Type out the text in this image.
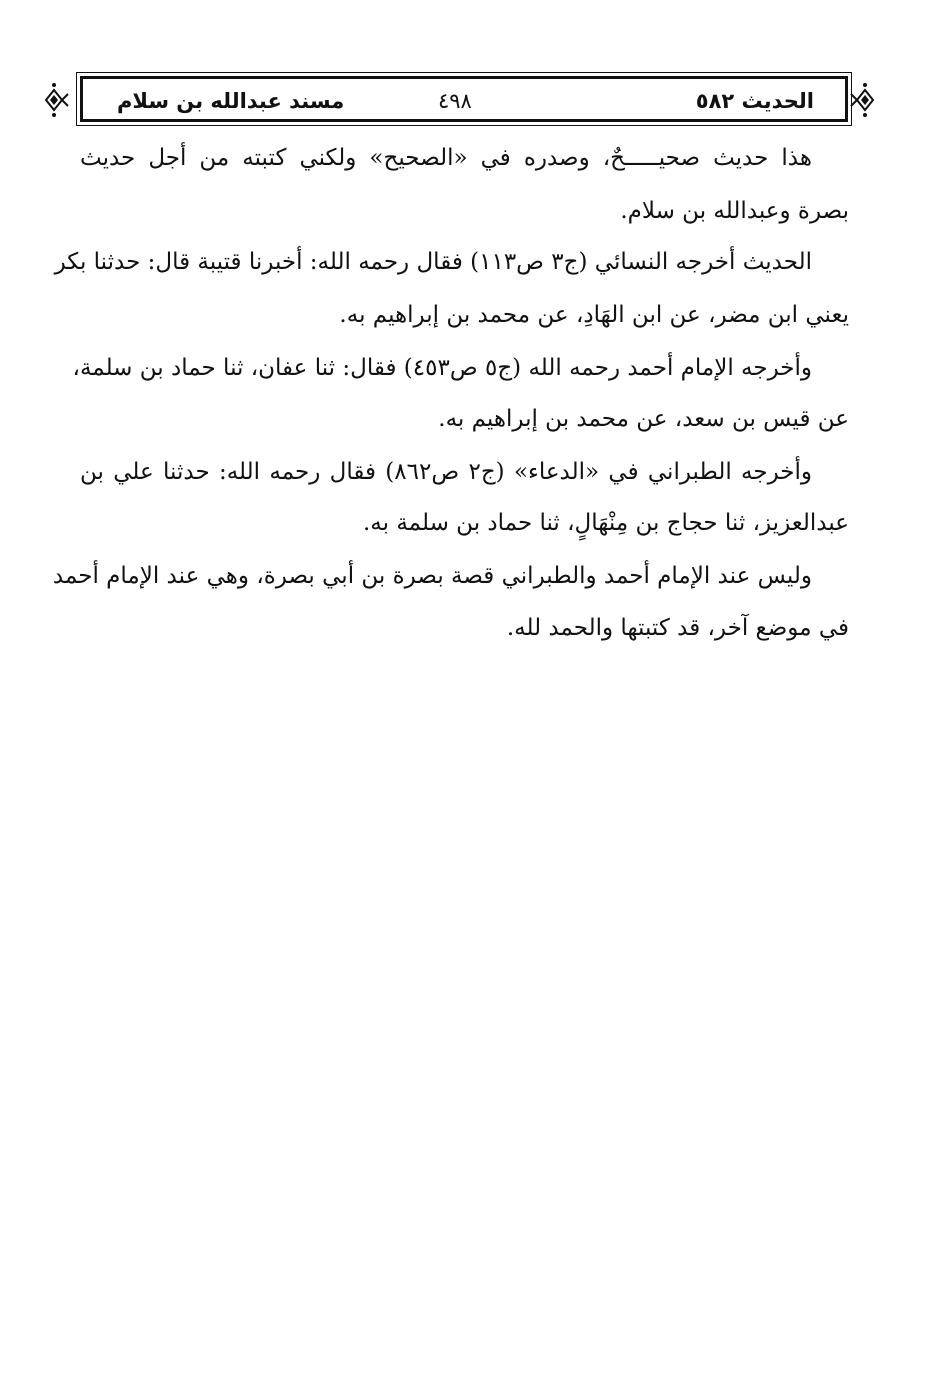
الحديث ٥٨٢
٤٩٨
مسند عبدالله بن سلام
هذا حديث صحيـــــحٌ، وصدره في «الصحيح» ولكني كتبته من أجل حديث
بصرة وعبدالله بن سلام.
الحديث أخرجه النسائي (ج٣ ص١١٣) فقال رحمه الله: أخبرنا قتيبة قال: حدثنا بكر
يعني ابن مضر، عن ابن الهَادِ، عن محمد بن إبراهيم به.
وأخرجه الإمام أحمد رحمه الله (ج٥ ص٤٥٣) فقال: ثنا عفان، ثنا حماد بن سلمة،
عن قيس بن سعد، عن محمد بن إبراهيم به.
وأخرجه الطبراني في «الدعاء» (ج٢ ص٨٦٢) فقال رحمه الله: حدثنا علي بن
عبدالعزيز، ثنا حجاج بن مِنْهَالٍ، ثنا حماد بن سلمة به.
وليس عند الإمام أحمد والطبراني قصة بصرة بن أبي بصرة، وهي عند الإمام أحمد
في موضع آخر، قد كتبتها والحمد لله.
